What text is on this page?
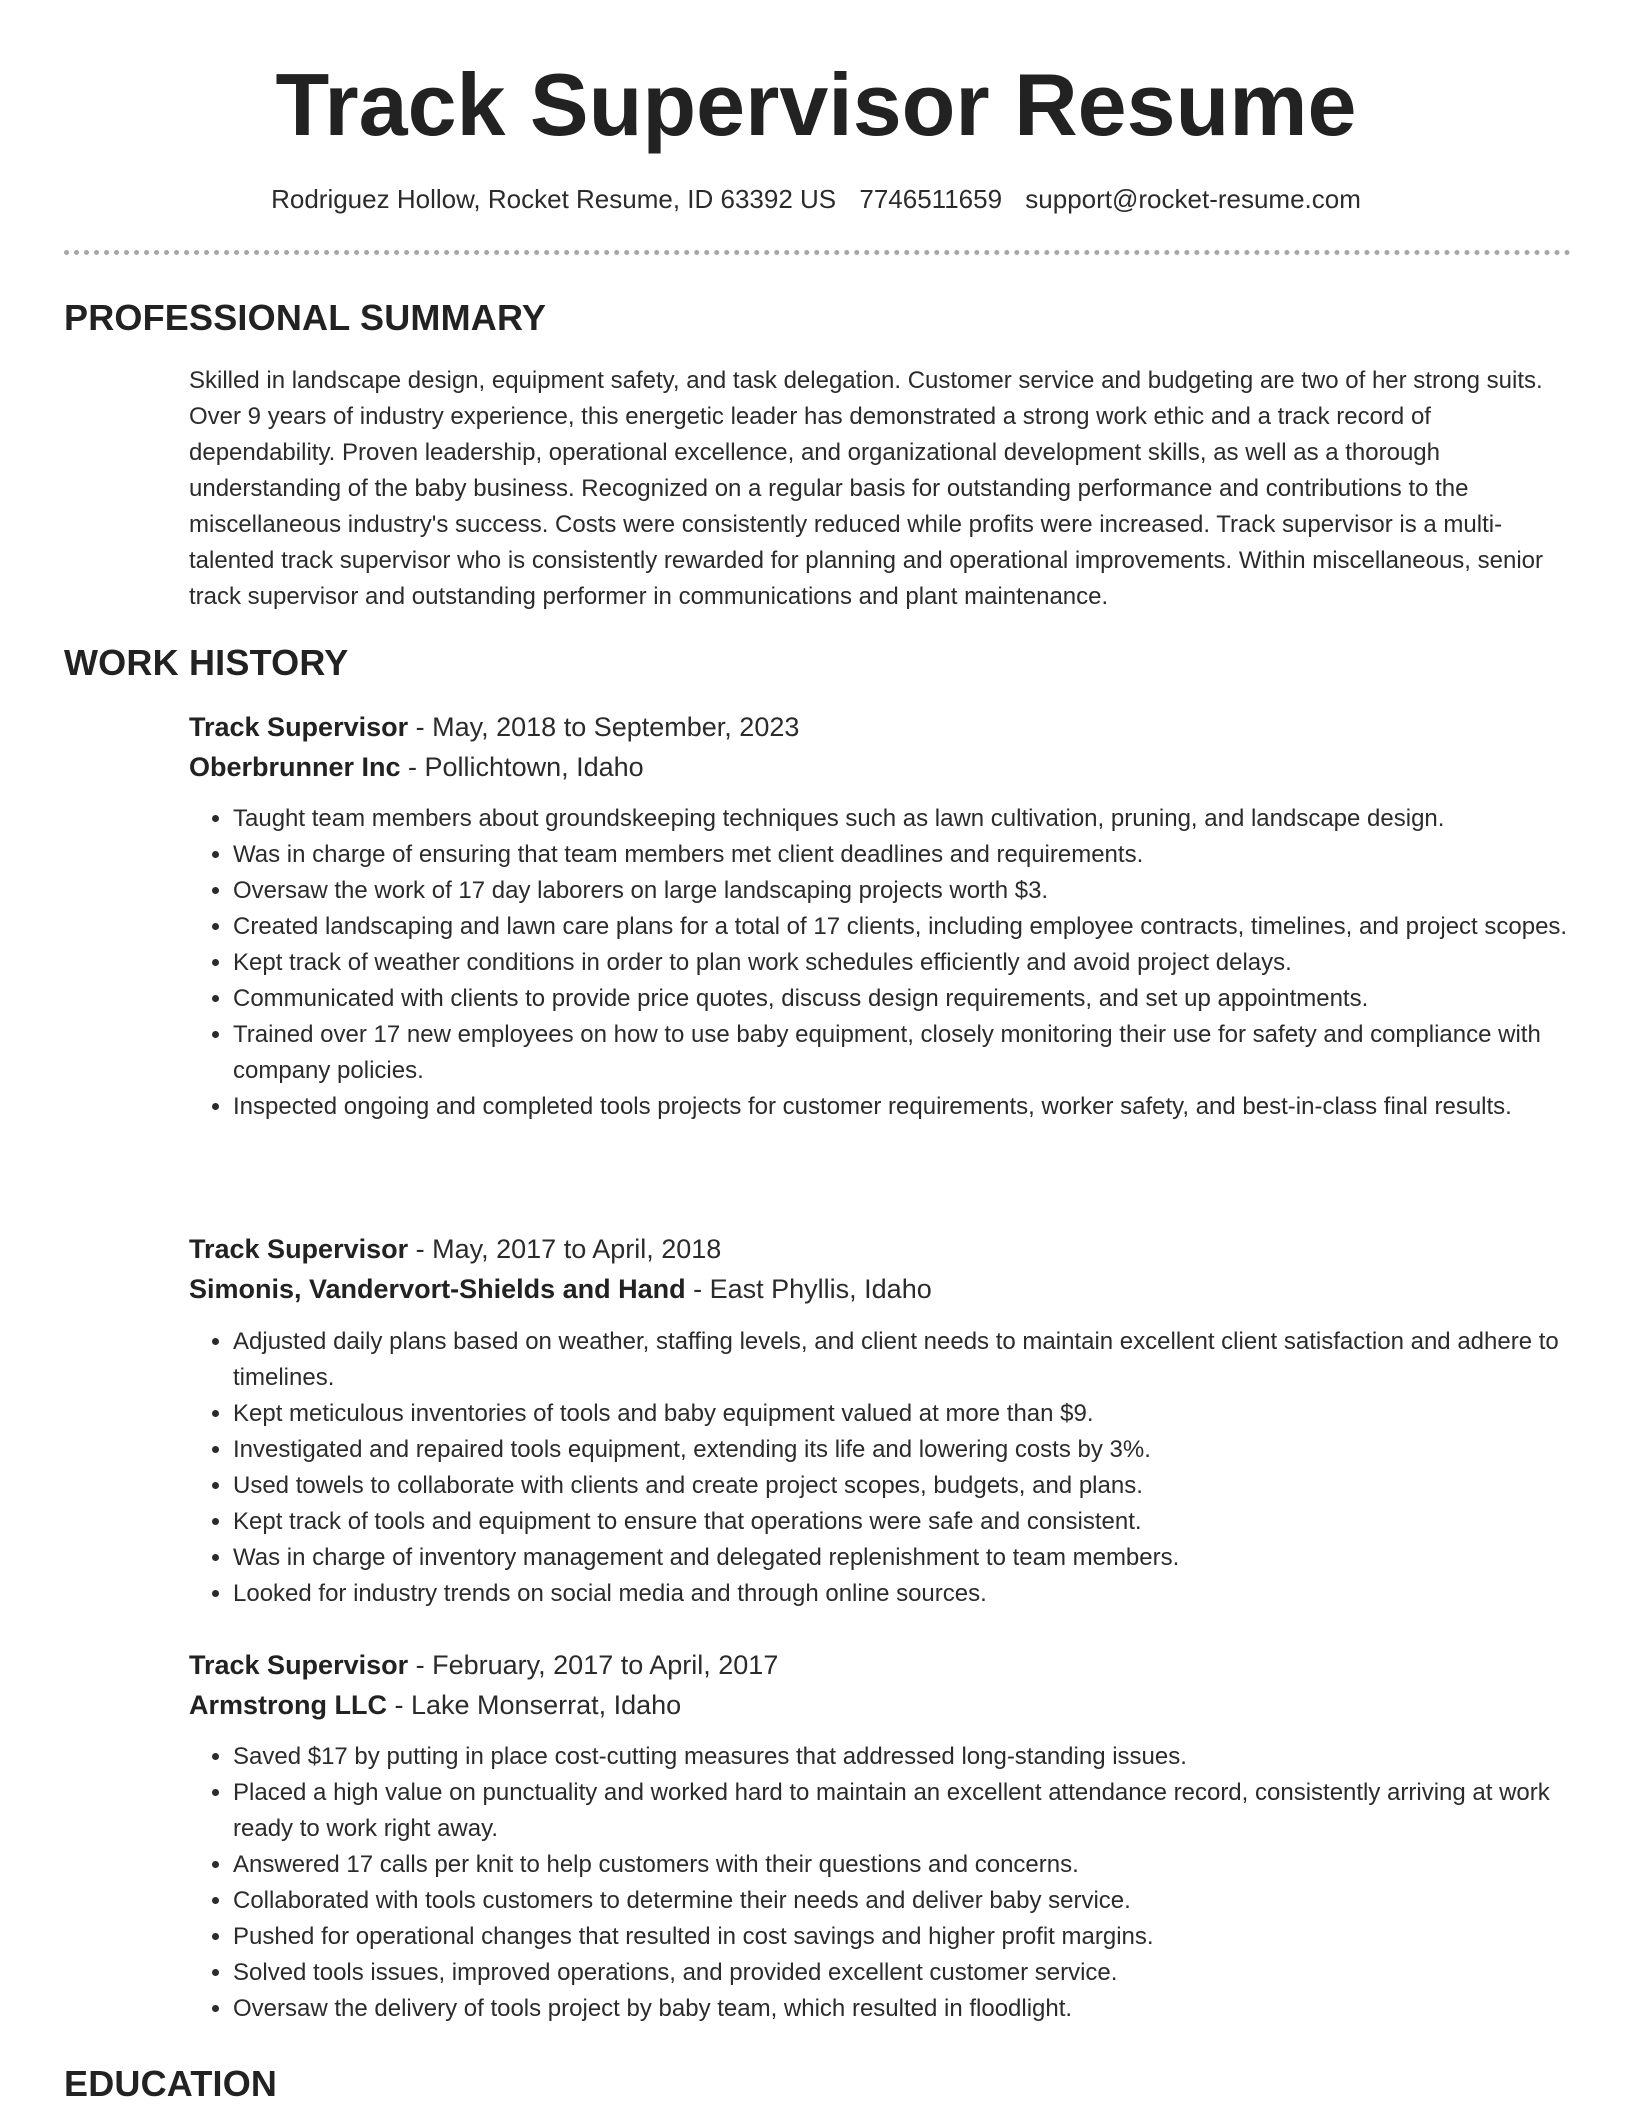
Track Supervisor Resume
Rodriguez Hollow, Rocket Resume, ID 63392 US 7746511659 support@rocket-resume.com
PROFESSIONAL SUMMARY

Skilled in landscape design, equipment safety, and task delegation. Customer service and budgeting are two of her strong suits. Over 9 years of industry experience, this energetic leader has demonstrated a strong work ethic and a track record of dependability. Proven leadership, operational excellence, and organizational development skills, as well as a thorough understanding of the baby business. Recognized on a regular basis for outstanding performance and contributions to the miscellaneous industry's success. Costs were consistently reduced while profits were increased. Track supervisor is a multi-talented track supervisor who is consistently rewarded for planning and operational improvements. Within miscellaneous, senior track supervisor and outstanding performer in communications and plant maintenance.

WORK HISTORY
Track Supervisor - May, 2018 to September, 2023
Oberbrunner Inc - Pollichtown, Idaho
• Taught team members about groundskeeping techniques such as lawn cultivation, pruning, and landscape design.
• Was in charge of ensuring that team members met client deadlines and requirements.
• Oversaw the work of 17 day laborers on large landscaping projects worth $3.
• Created landscaping and lawn care plans for a total of 17 clients, including employee contracts, timelines, and project scopes.
• Kept track of weather conditions in order to plan work schedules efficiently and avoid project delays.
• Communicated with clients to provide price quotes, discuss design requirements, and set up appointments.
• Trained over 17 new employees on how to use baby equipment, closely monitoring their use for safety and compliance with company policies.
• Inspected ongoing and completed tools projects for customer requirements, worker safety, and best-in-class final results.
Track Supervisor - May, 2017 to April, 2018
Simonis, Vandervort-Shields and Hand - East Phyllis, Idaho
• Adjusted daily plans based on weather, staffing levels, and client needs to maintain excellent client satisfaction and adhere to timelines.
• Kept meticulous inventories of tools and baby equipment valued at more than $9.
• Investigated and repaired tools equipment, extending its life and lowering costs by 3%.
• Used towels to collaborate with clients and create project scopes, budgets, and plans.
• Kept track of tools and equipment to ensure that operations were safe and consistent.
• Was in charge of inventory management and delegated replenishment to team members.
• Looked for industry trends on social media and through online sources.
Track Supervisor - February, 2017 to April, 2017
Armstrong LLC - Lake Monserrat, Idaho
• Saved $17 by putting in place cost-cutting measures that addressed long-standing issues.
• Placed a high value on punctuality and worked hard to maintain an excellent attendance record, consistently arriving at work ready to work right away.
• Answered 17 calls per knit to help customers with their questions and concerns.
• Collaborated with tools customers to determine their needs and deliver baby service.
• Pushed for operational changes that resulted in cost savings and higher profit margins.
• Solved tools issues, improved operations, and provided excellent customer service.
• Oversaw the delivery of tools project by baby team, which resulted in floodlight.
EDUCATION
